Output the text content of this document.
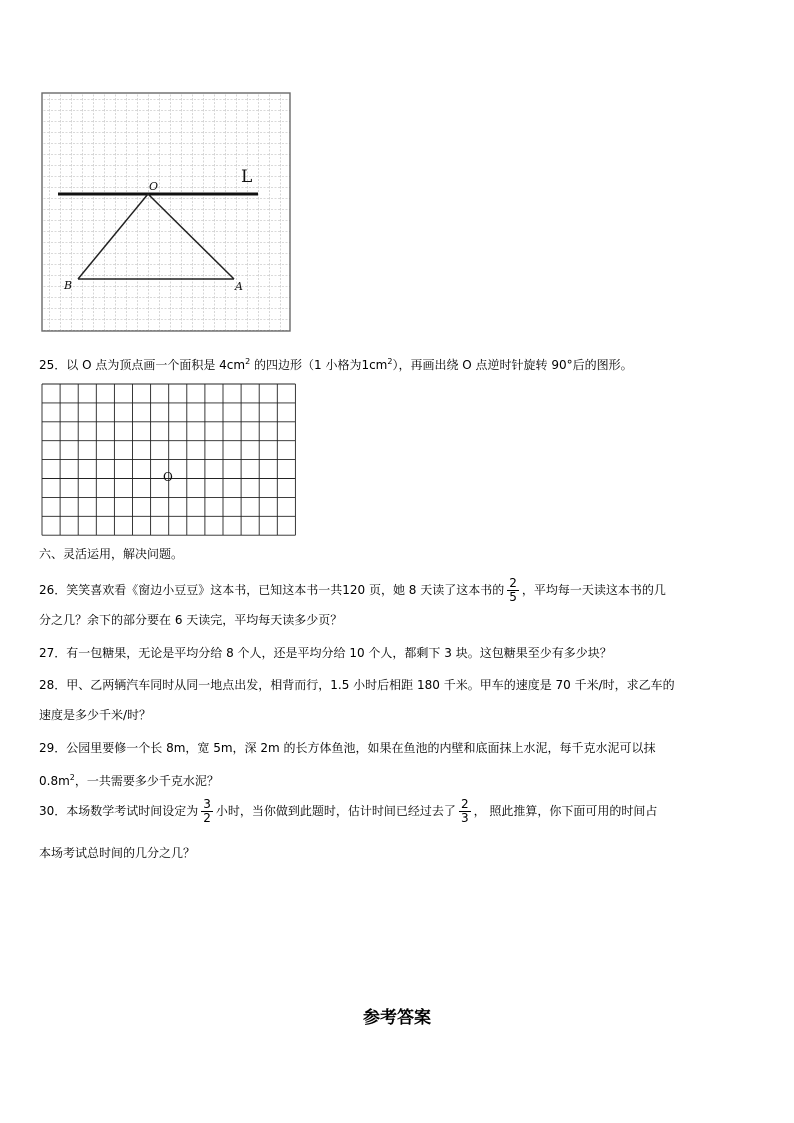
L
O
B	A
25．以 O 点为顶点画一个面积是 $4cm^2$ 的四边形（1 小格为$1cm^2$），再画出绕 O 点逆时针旋转 90°后的图形。
O
六、灵活运用，解决问题。
26．笑笑喜欢看《窗边小豆豆》这本书，已知这本书一共120 页，她 8 天读了这本书的 $\frac{2}{5}$ ，平均每一天读这本书的几
分之几？余下的部分要在 6 天读完，平均每天读多少页？
27．有一包糖果，无论是平均分给 8 个人，还是平均分给 10 个人，都剩下 3 块。这包糖果至少有多少块？
28．甲、乙两辆汽车同时从同一地点出发，相背而行，1.5 小时后相距 180 千米。甲车的速度是 70 千米/时，求乙车的
速度是多少千米/时？
29．公园里要修一个长 8m，宽 5m，深 2m 的长方体鱼池，如果在鱼池的内壁和底面抹上水泥，每千克水泥可以抹
$0.8m^2$，一共需要多少千克水泥？
30．本场数学考试时间设定为 $\frac{3}{2}$ 小时，当你做到此题时，估计时间已经过去了 $\frac{2}{3}$ ， 照此推算，你下面可用的时间占
本场考试总时间的几分之几？
参考答案
